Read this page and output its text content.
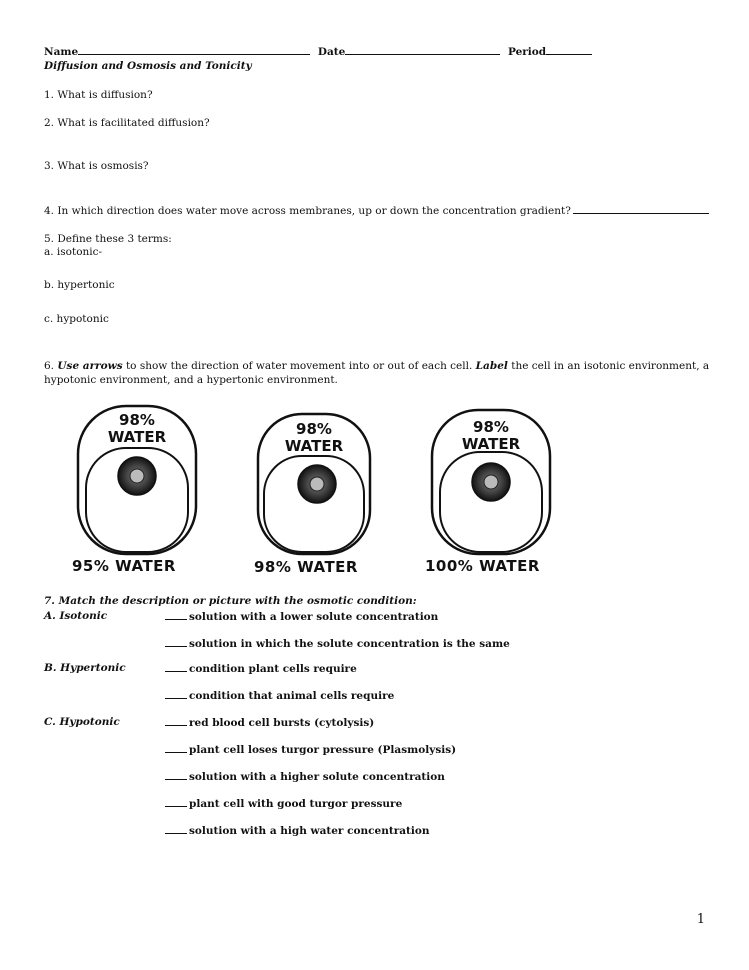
Name	Date	Period
Diffusion and Osmosis and Tonicity
1. What is diffusion?
2. What is facilitated diffusion?
3. What is osmosis?
4. In which direction does water move across membranes, up or down the concentration gradient?
5. Define these 3 terms:
a. isotonic-
b. hypertonic
c. hypotonic
6. Use arrows to show the direction of water movement into or out of each cell. Label the cell in an isotonic environment, a
hypotonic environment, and a hypertonic environment.
98%
WATER	98%
WATER
98%
WATER
95% WATER	98% WATER	100% WATER
7. Match the description or picture with the osmotic condition:
A. Isotonic
B. Hypertonic
C. Hypotonic
solution with a lower solute concentration
solution in which the solute concentration is the same
condition plant cells require
condition that animal cells require
red blood cell bursts (cytolysis)
plant cell loses turgor pressure (Plasmolysis)
solution with a higher solute concentration
plant cell with good turgor pressure
solution with a high water concentration
1
